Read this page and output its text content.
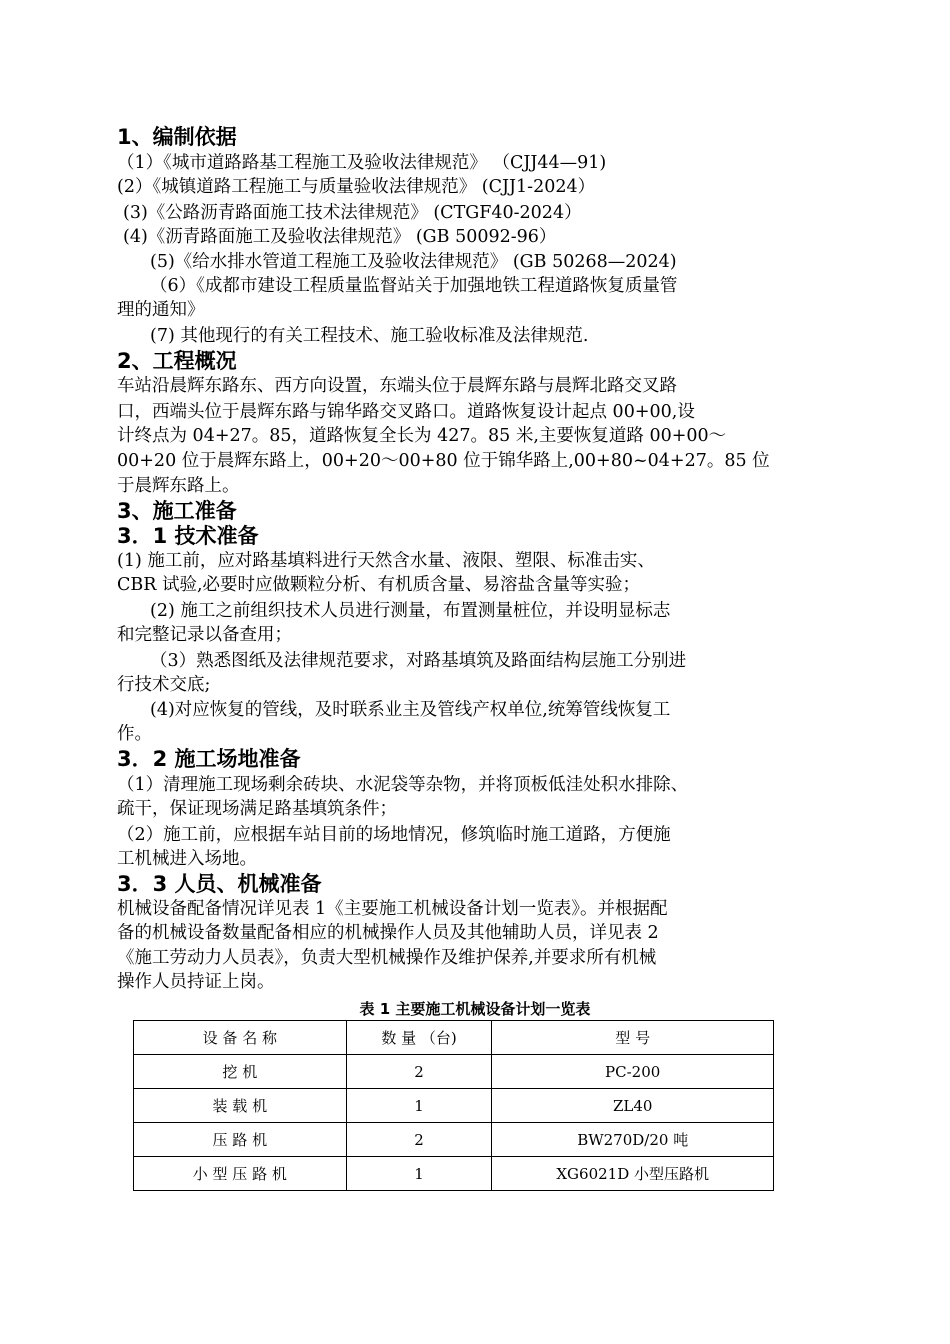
1、编制依据
（1）《城市道路路基工程施工及验收法律规范》 （CJJ44—91)
(2）《城镇道路工程施工与质量验收法律规范》 (CJJ1-2024）
(3)《公路沥青路面施工技术法律规范》 (CTGF40-2024）
(4)《沥青路面施工及验收法律规范》 (GB 50092-96）
(5)《给水排水管道工程施工及验收法律规范》 (GB 50268—2024)
（6）《成都市建设工程质量监督站关于加强地铁工程道路恢复质量管
理的通知》
(7) 其他现行的有关工程技术、施工验收标准及法律规范.
2、工程概况
车站沿晨辉东路东、西方向设置，东端头位于晨辉东路与晨辉北路交叉路
口，西端头位于晨辉东路与锦华路交叉路口。道路恢复设计起点 00+00,设
计终点为 04+27。85，道路恢复全长为 427。85 米,主要恢复道路 00+00～
00+20 位于晨辉东路上，00+20～00+80 位于锦华路上,00+80~04+27。85 位
于晨辉东路上。
3、施工准备
3．1 技术准备
(1) 施工前，应对路基填料进行天然含水量、液限、塑限、标准击实、
CBR 试验,必要时应做颗粒分析、有机质含量、易溶盐含量等实验；
(2) 施工之前组织技术人员进行测量，布置测量桩位，并设明显标志
和完整记录以备查用；
（3）熟悉图纸及法律规范要求，对路基填筑及路面结构层施工分别进
行技术交底;
(4)对应恢复的管线，及时联系业主及管线产权单位,统筹管线恢复工
作。
3．2 施工场地准备
（1）清理施工现场剩余砖块、水泥袋等杂物，并将顶板低洼处积水排除、
疏干，保证现场满足路基填筑条件；
（2）施工前，应根据车站目前的场地情况，修筑临时施工道路，方便施
工机械进入场地。
3．3 人员、机械准备
机械设备配备情况详见表 1《主要施工机械设备计划一览表》。并根据配
备的机械设备数量配备相应的机械操作人员及其他辅助人员，详见表 2
《施工劳动力人员表》，负责大型机械操作及维护保养,并要求所有机械
操作人员持证上岗。
表 1 主要施工机械设备计划一览表
设 备 名 称	数 量 （台)	型 号
挖 机	2	PC-200
装 载 机	1	ZL40
压 路 机	2	BW270D/20 吨
小 型 压 路 机	1	XG6021D 小型压路机
